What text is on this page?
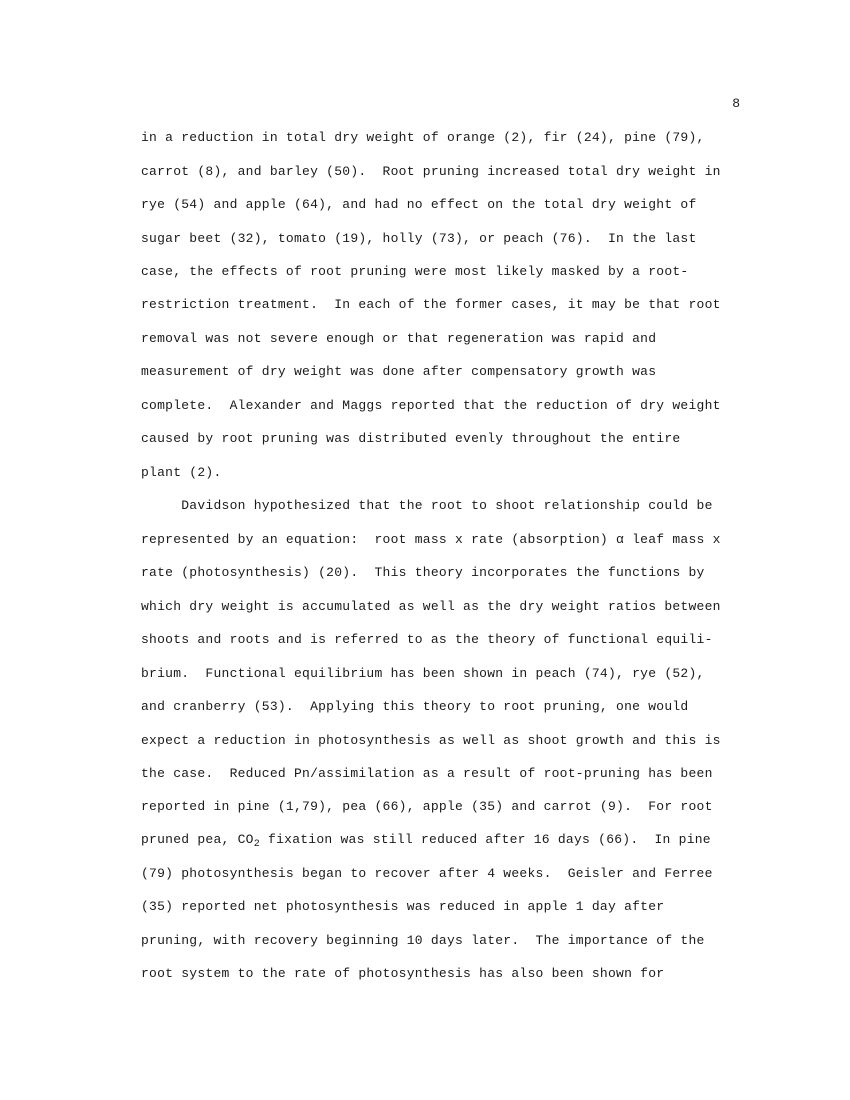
8
in a reduction in total dry weight of orange (2), fir (24), pine (79),
carrot (8), and barley (50).  Root pruning increased total dry weight in
rye (54) and apple (64), and had no effect on the total dry weight of
sugar beet (32), tomato (19), holly (73), or peach (76).  In the last
case, the effects of root pruning were most likely masked by a root-
restriction treatment.  In each of the former cases, it may be that root
removal was not severe enough or that regeneration was rapid and
measurement of dry weight was done after compensatory growth was
complete.  Alexander and Maggs reported that the reduction of dry weight
caused by root pruning was distributed evenly throughout the entire
plant (2).
Davidson hypothesized that the root to shoot relationship could be
represented by an equation:  root mass x rate (absorption) α leaf mass x
rate (photosynthesis) (20).  This theory incorporates the functions by
which dry weight is accumulated as well as the dry weight ratios between
shoots and roots and is referred to as the theory of functional equili-
brium.  Functional equilibrium has been shown in peach (74), rye (52),
and cranberry (53).  Applying this theory to root pruning, one would
expect a reduction in photosynthesis as well as shoot growth and this is
the case.  Reduced Pn/assimilation as a result of root-pruning has been
reported in pine (1,79), pea (66), apple (35) and carrot (9).  For root
pruned pea, $CO_2$ fixation was still reduced after 16 days (66).  In pine
(79) photosynthesis began to recover after 4 weeks.  Geisler and Ferree
(35) reported net photosynthesis was reduced in apple 1 day after
pruning, with recovery beginning 10 days later.  The importance of the
root system to the rate of photosynthesis has also been shown for
